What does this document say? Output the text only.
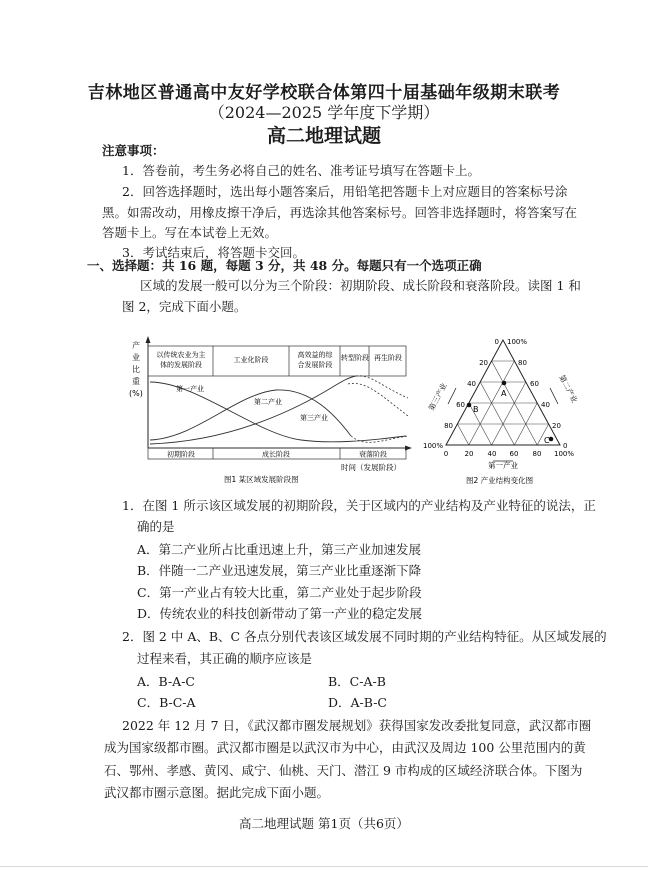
吉林地区普通高中友好学校联合体第四十届基础年级期末联考
（2024—2025 学年度下学期）
高二地理试题
注意事项：
1．答卷前，考生务必将自己的姓名、准考证号填写在答题卡上。
2．回答选择题时，选出每小题答案后，用铅笔把答题卡上对应题目的答案标号涂
黑。如需改动，用橡皮擦干净后，再选涂其他答案标号。回答非选择题时，将答案写在
答题卡上。写在本试卷上无效。
3．考试结束后，将答题卡交回。
一、选择题：共 16 题，每题 3 分，共 48 分。每题只有一个选项正确
区域的发展一般可以分为三个阶段：初期阶段、成长阶段和衰落阶段。读图 1 和
图 2，完成下面小题。
产 业 比 重 (%)
以传统农业为主
体的发展阶段
工业化阶段
高效益的综
合发展阶段
转型阶段 再生阶段
第一产业
第二产业
第三产业
初期阶段	成长阶段	衰落阶段
时间（发展阶段）
图1 某区域发展阶段图
0
20
40
60
80
100%
100%
80
60
40
20
0
0 20 40 60 80 100%
第三产业	第二产业
第一产业
A
B
C
图2 产业结构变化图
1．在图 1 所示该区域发展的初期阶段，关于区域内的产业结构及产业特征的说法，正
确的是
A．第二产业所占比重迅速上升，第三产业加速发展
B．伴随一二产业迅速发展，第三产业比重逐渐下降
C．第一产业占有较大比重，第二产业处于起步阶段
D．传统农业的科技创新带动了第一产业的稳定发展
2．图 2 中 A、B、C 各点分别代表该区域发展不同时期的产业结构特征。从区域发展的
过程来看，其正确的顺序应该是
A．B-A-C	B．C-A-B
C．B-C-A	D．A-B-C
2022 年 12 月 7 日，《武汉都市圈发展规划》获得国家发改委批复同意，武汉都市圈
成为国家级都市圈。武汉都市圈是以武汉市为中心，由武汉及周边 100 公里范围内的黄
石、鄂州、孝感、黄冈、咸宁、仙桃、天门、潜江 9 市构成的区域经济联合体。下图为
武汉都市圈示意图。据此完成下面小题。
高二地理试题 第1页（共6页）
